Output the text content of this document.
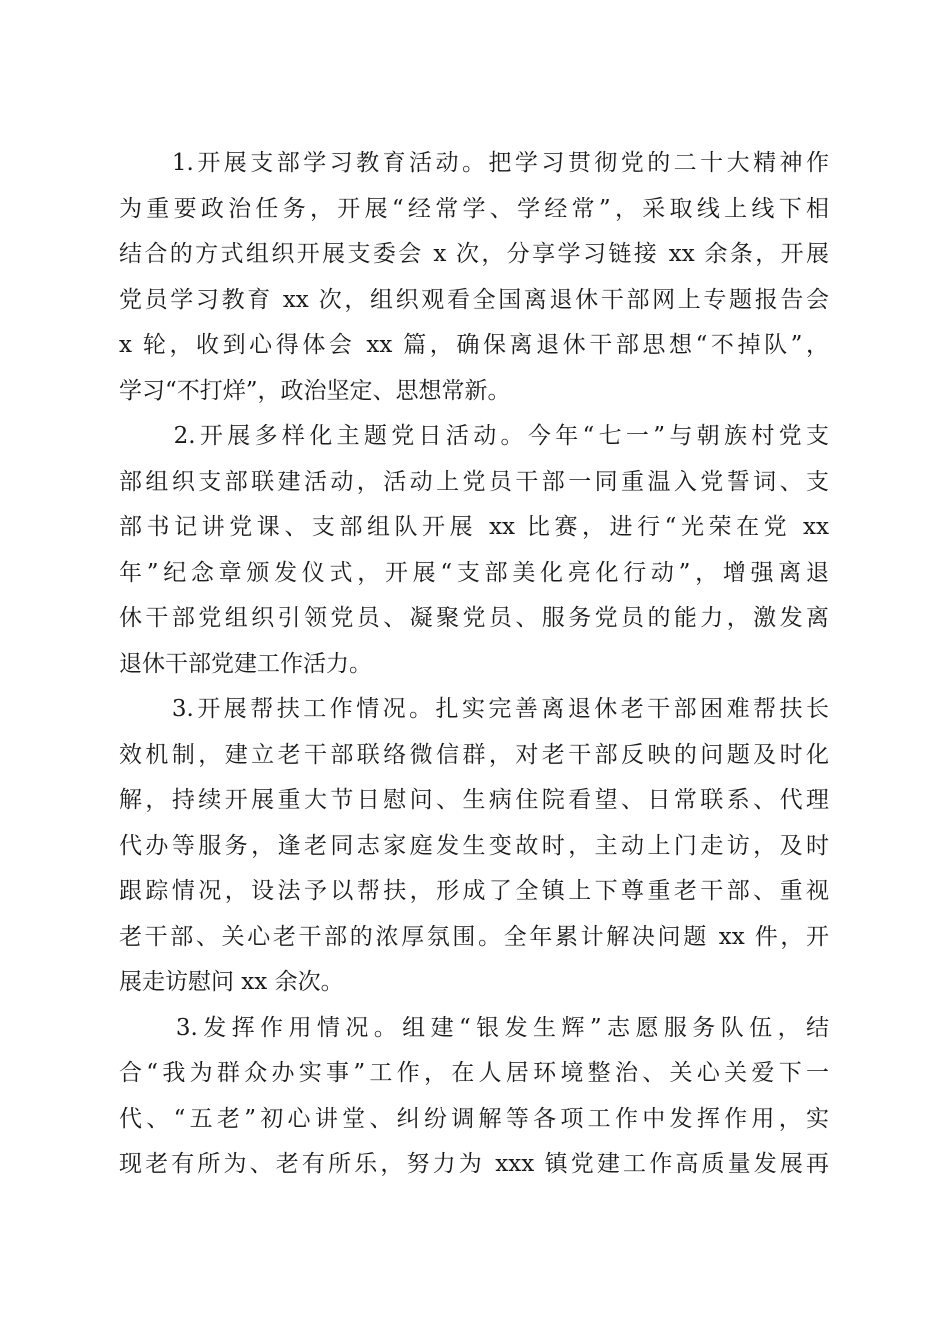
　　1.开展支部学习教育活动。把学习贯彻党的二十大精神作
为重要政治任务，开展“经常学、学经常”，采取线上线下相
结合的方式组织开展支委会 x 次，分享学习链接 xx 余条，开展
党员学习教育 xx 次，组织观看全国离退休干部网上专题报告会
x 轮，收到心得体会 xx 篇，确保离退休干部思想“不掉队”，
学习“不打烊”，政治坚定、思想常新。
　　2.开展多样化主题党日活动。今年“七一”与朝族村党支
部组织支部联建活动，活动上党员干部一同重温入党誓词、支
部书记讲党课、支部组队开展 xx 比赛，进行“光荣在党 xx
年”纪念章颁发仪式，开展“支部美化亮化行动”，增强离退
休干部党组织引领党员、凝聚党员、服务党员的能力，激发离
退休干部党建工作活力。
　　3.开展帮扶工作情况。扎实完善离退休老干部困难帮扶长
效机制，建立老干部联络微信群，对老干部反映的问题及时化
解，持续开展重大节日慰问、生病住院看望、日常联系、代理
代办等服务，逢老同志家庭发生变故时，主动上门走访，及时
跟踪情况，设法予以帮扶，形成了全镇上下尊重老干部、重视
老干部、关心老干部的浓厚氛围。全年累计解决问题 xx 件，开
展走访慰问 xx 余次。
　　3.发挥作用情况。组建“银发生辉”志愿服务队伍，结
合“我为群众办实事”工作，在人居环境整治、关心关爱下一
代、“五老”初心讲堂、纠纷调解等各项工作中发挥作用，实
现老有所为、老有所乐，努力为 xxx 镇党建工作高质量发展再
